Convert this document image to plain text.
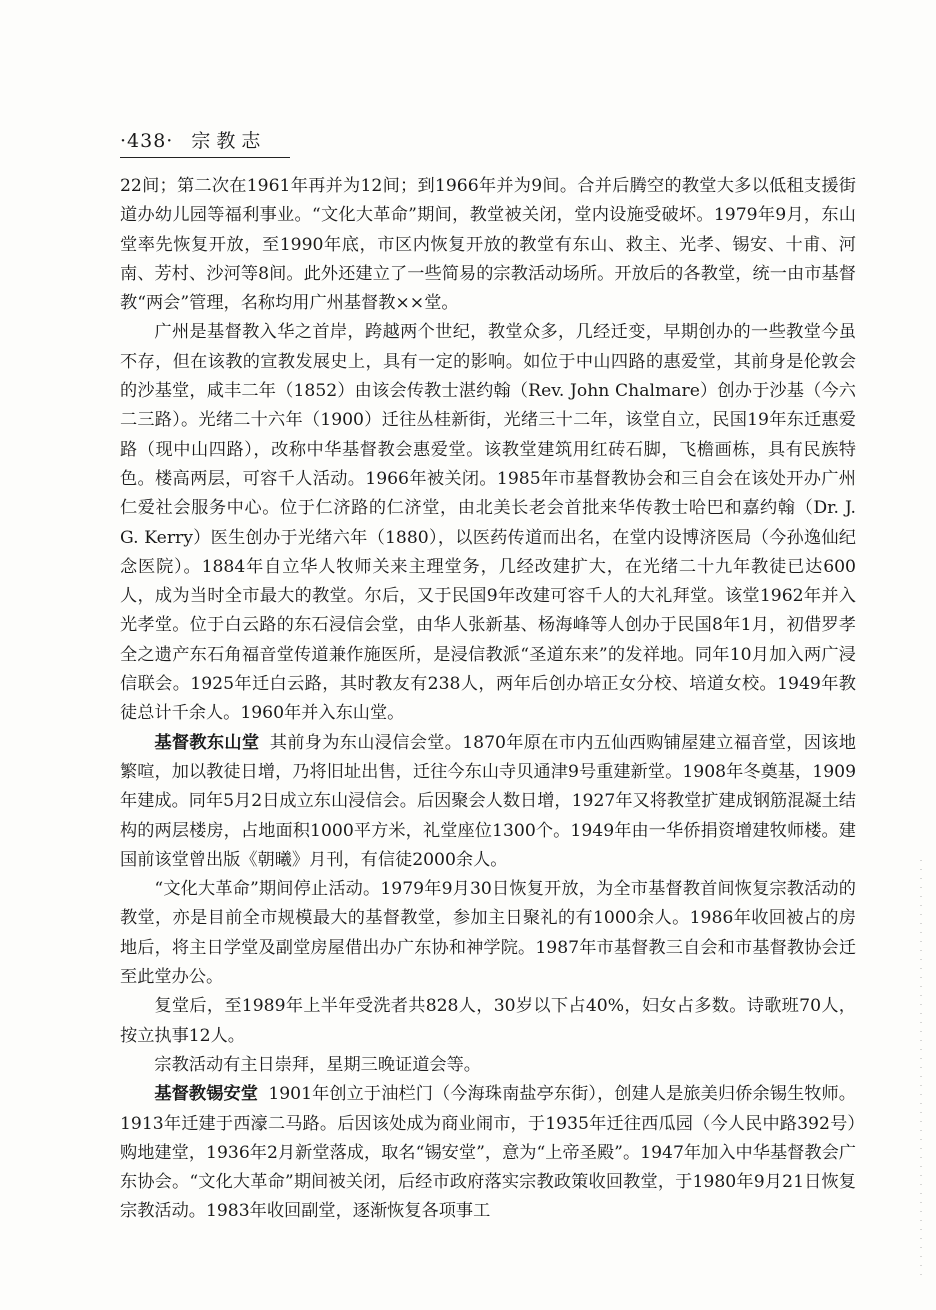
·438· 宗教志

22间；第二次在1961年再并为12间；到1966年并为9间。合并后腾空的教堂大多以低租支援街道办幼儿园等福利事业。“文化大革命”期间，教堂被关闭，堂内设施受破坏。1979年9月，东山堂率先恢复开放，至1990年底，市区内恢复开放的教堂有东山、救主、光孝、锡安、十甫、河南、芳村、沙河等8间。此外还建立了一些简易的宗教活动场所。开放后的各教堂，统一由市基督教“两会”管理，名称均用广州基督教××堂。

广州是基督教入华之首岸，跨越两个世纪，教堂众多，几经迁变，早期创办的一些教堂今虽不存，但在该教的宣教发展史上，具有一定的影响。如位于中山四路的惠爱堂，其前身是伦敦会的沙基堂，咸丰二年（1852）由该会传教士湛约翰（Rev. John Chalmare）创办于沙基（今六二三路）。光绪二十六年（1900）迁往丛桂新街，光绪三十二年，该堂自立，民国19年东迁惠爱路（现中山四路），改称中华基督教会惠爱堂。该教堂建筑用红砖石脚，飞檐画栋，具有民族特色。楼高两层，可容千人活动。1966年被关闭。1985年市基督教协会和三自会在该处开办广州仁爱社会服务中心。位于仁济路的仁济堂，由北美长老会首批来华传教士哈巴和嘉约翰（Dr. J. G. Kerry）医生创办于光绪六年（1880），以医药传道而出名，在堂内设博济医局（今孙逸仙纪念医院）。1884年自立华人牧师关来主理堂务，几经改建扩大，在光绪二十九年教徒已达600人，成为当时全市最大的教堂。尔后，又于民国9年改建可容千人的大礼拜堂。该堂1962年并入光孝堂。位于白云路的东石浸信会堂，由华人张新基、杨海峰等人创办于民国8年1月，初借罗孝全之遗产东石角福音堂传道兼作施医所，是浸信教派“圣道东来”的发祥地。同年10月加入两广浸信联会。1925年迁白云路，其时教友有238人，两年后创办培正女分校、培道女校。1949年教徒总计千余人。1960年并入东山堂。

基督教东山堂 其前身为东山浸信会堂。1870年原在市内五仙西购铺屋建立福音堂，因该地繁喧，加以教徒日增，乃将旧址出售，迁往今东山寺贝通津9号重建新堂。1908年冬奠基，1909年建成。同年5月2日成立东山浸信会。后因聚会人数日增，1927年又将教堂扩建成钢筋混凝土结构的两层楼房，占地面积1000平方米，礼堂座位1300个。1949年由一华侨捐资增建牧师楼。建国前该堂曾出版《朝曦》月刊，有信徒2000余人。

“文化大革命”期间停止活动。1979年9月30日恢复开放，为全市基督教首间恢复宗教活动的教堂，亦是目前全市规模最大的基督教堂，参加主日聚礼的有1000余人。1986年收回被占的房地后，将主日学堂及副堂房屋借出办广东协和神学院。1987年市基督教三自会和市基督教协会迁至此堂办公。

复堂后，至1989年上半年受洗者共828人，30岁以下占40%，妇女占多数。诗歌班70人，按立执事12人。

宗教活动有主日崇拜，星期三晚证道会等。

基督教锡安堂 1901年创立于油栏门（今海珠南盐亭东街），创建人是旅美归侨余锡生牧师。1913年迁建于西濠二马路。后因该处成为商业闹市，于1935年迁往西瓜园（今人民中路392号）购地建堂，1936年2月新堂落成，取名“锡安堂”，意为“上帝圣殿”。1947年加入中华基督教会广东协会。“文化大革命”期间被关闭，后经市政府落实宗教政策收回教堂，于1980年9月21日恢复宗教活动。1983年收回副堂，逐渐恢复各项事工
